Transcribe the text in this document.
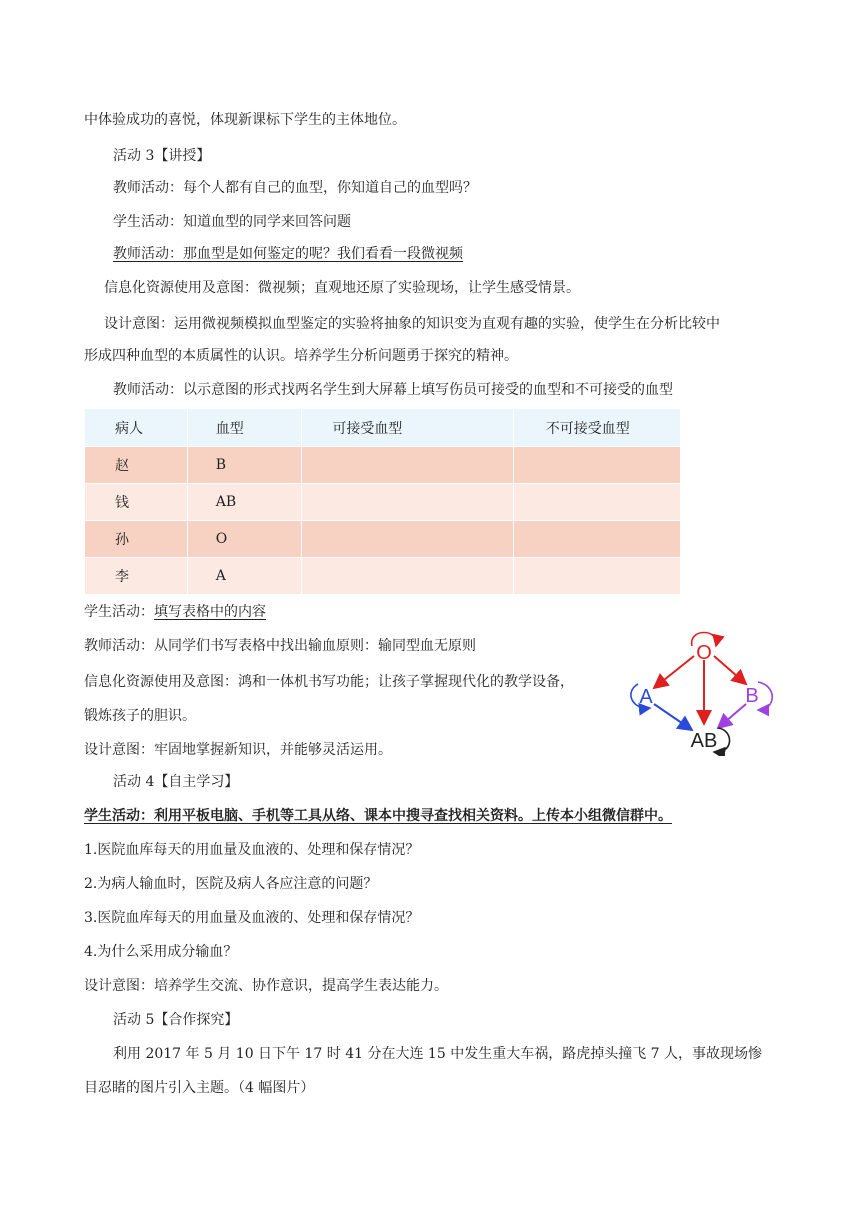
中体验成功的喜悦，体现新课标下学生的主体地位。
活动 3【讲授】
教师活动：每个人都有自己的血型，你知道自己的血型吗？
学生活动：知道血型的同学来回答问题
教师活动：那血型是如何鉴定的呢？我们看看一段微视频
信息化资源使用及意图：微视频；直观地还原了实验现场，让学生感受情景。
设计意图：运用微视频模拟血型鉴定的实验将抽象的知识变为直观有趣的实验，使学生在分析比较中
形成四种血型的本质属性的认识。培养学生分析问题勇于探究的精神。
教师活动：以示意图的形式找两名学生到大屏幕上填写伤员可接受的血型和不可接受的血型
病人	血型	可接受血型	不可接受血型
赵	B		
钱	AB		
孙	O		
李	A		
学生活动：填写表格中的内容
教师活动：从同学们书写表格中找出输血原则：输同型血无原则
信息化资源使用及意图：鸿和一体机书写功能；让孩子掌握现代化的教学设备，
锻炼孩子的胆识。
设计意图：牢固地掌握新知识，并能够灵活运用。
O
A	B
AB
活动 4【自主学习】
学生活动：利用平板电脑、手机等工具从络、课本中搜寻查找相关资料。上传本小组微信群中。
1.医院血库每天的用血量及血液的、处理和保存情况？
2.为病人输血时，医院及病人各应注意的问题？
3.医院血库每天的用血量及血液的、处理和保存情况？
4.为什么采用成分输血？
设计意图：培养学生交流、协作意识，提高学生表达能力。
活动 5【合作探究】
利用 2017 年 5 月 10 日下午 17 时 41 分在大连 15 中发生重大车祸，路虎掉头撞飞 7 人，事故现场惨
目忍睹的图片引入主题。（4 幅图片）
